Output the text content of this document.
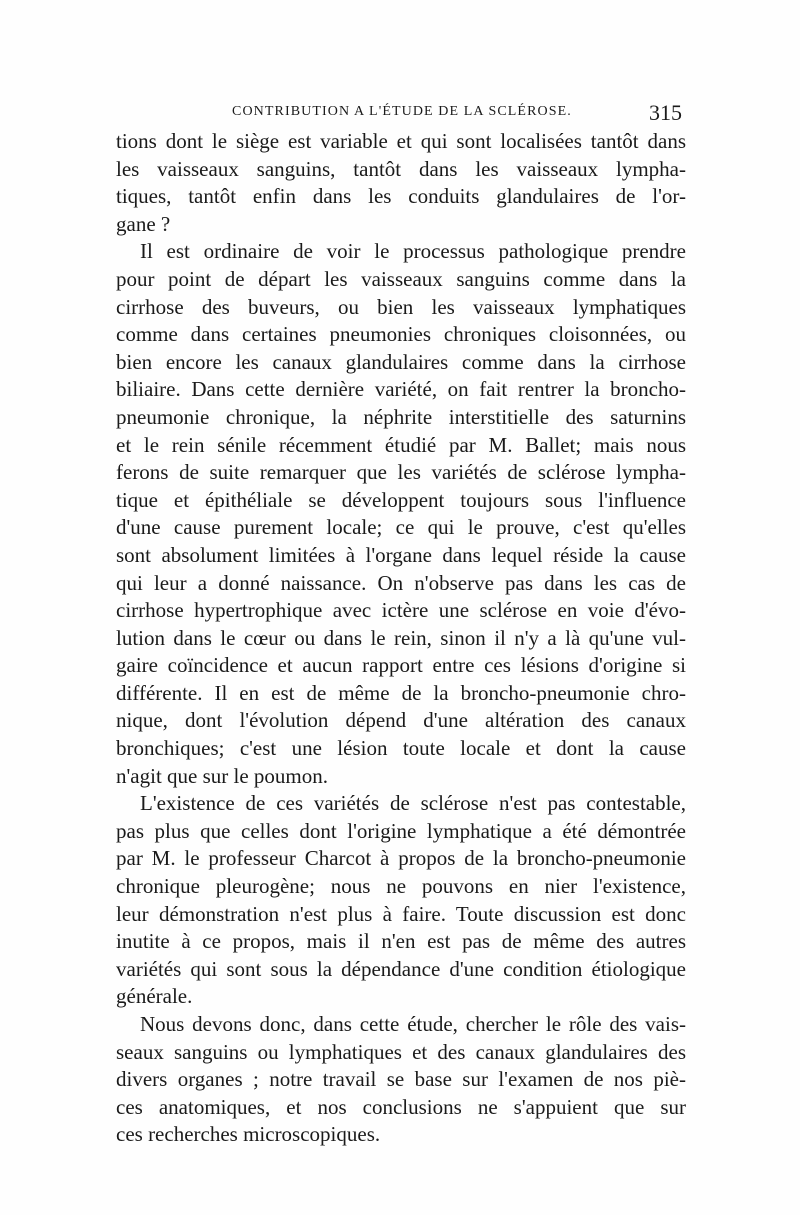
CONTRIBUTION A L'ÉTUDE DE LA SCLÉROSE.	315
tions dont le siège est variable et qui sont localisées tantôt dans
les vaisseaux sanguins, tantôt dans les vaisseaux lympha-
tiques, tantôt enfin dans les conduits glandulaires de l'or-
gane ?
Il est ordinaire de voir le processus pathologique prendre
pour point de départ les vaisseaux sanguins comme dans la
cirrhose des buveurs, ou bien les vaisseaux lymphatiques
comme dans certaines pneumonies chroniques cloisonnées, ou
bien encore les canaux glandulaires comme dans la cirrhose
biliaire. Dans cette dernière variété, on fait rentrer la broncho-
pneumonie chronique, la néphrite interstitielle des saturnins
et le rein sénile récemment étudié par M. Ballet; mais nous
ferons de suite remarquer que les variétés de sclérose lympha-
tique et épithéliale se développent toujours sous l'influence
d'une cause purement locale; ce qui le prouve, c'est qu'elles
sont absolument limitées à l'organe dans lequel réside la cause
qui leur a donné naissance. On n'observe pas dans les cas de
cirrhose hypertrophique avec ictère une sclérose en voie d'évo-
lution dans le cœur ou dans le rein, sinon il n'y a là qu'une vul-
gaire coïncidence et aucun rapport entre ces lésions d'origine si
différente. Il en est de même de la broncho-pneumonie chro-
nique, dont l'évolution dépend d'une altération des canaux
bronchiques; c'est une lésion toute locale et dont la cause
n'agit que sur le poumon.
L'existence de ces variétés de sclérose n'est pas contestable,
pas plus que celles dont l'origine lymphatique a été démontrée
par M. le professeur Charcot à propos de la broncho-pneumonie
chronique pleurogène; nous ne pouvons en nier l'existence,
leur démonstration n'est plus à faire. Toute discussion est donc
inutite à ce propos, mais il n'en est pas de même des autres
variétés qui sont sous la dépendance d'une condition étiologique
générale.
Nous devons donc, dans cette étude, chercher le rôle des vais-
seaux sanguins ou lymphatiques et des canaux glandulaires des
divers organes ; notre travail se base sur l'examen de nos piè-
ces anatomiques, et nos conclusions ne s'appuient que sur
ces recherches microscopiques.
